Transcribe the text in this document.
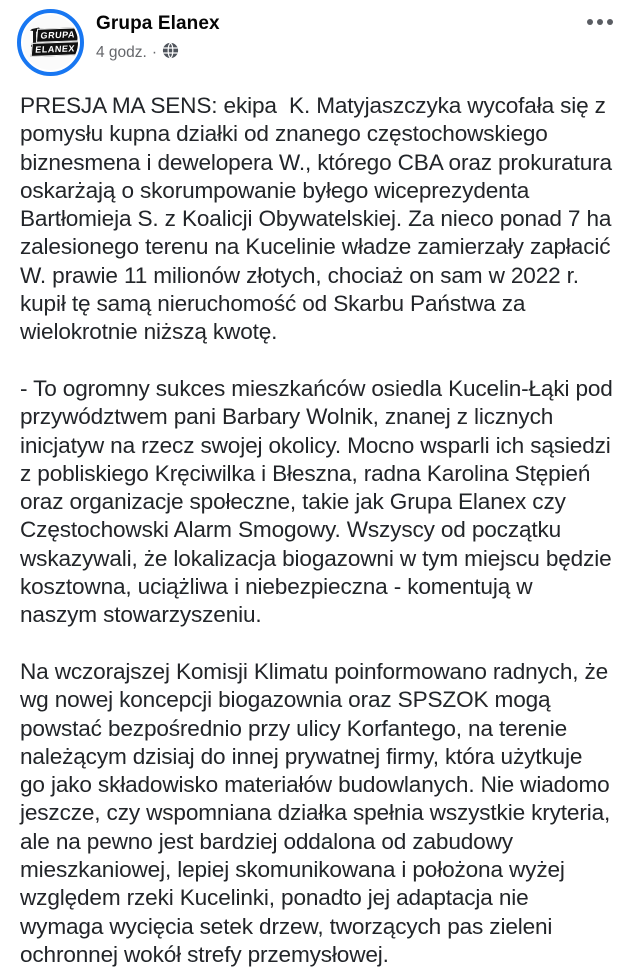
GRUPA
ELANEX
Grupa Elanex
4 godz. ·

PRESJA MA SENS: ekipa  K. Matyjaszczyka wycofała się z pomysłu kupna działki od znanego częstochowskiego biznesmena i dewelopera W., którego CBA oraz prokuratura oskarżają o skorumpowanie byłego wiceprezydenta Bartłomieja S. z Koalicji Obywatelskiej. Za nieco ponad 7 ha zalesionego terenu na Kucelinie władze zamierzały zapłacić W. prawie 11 milionów złotych, chociaż on sam w 2022 r. kupił tę samą nieruchomość od Skarbu Państwa za wielokrotnie niższą kwotę.

- To ogromny sukces mieszkańców osiedla Kucelin-Łąki pod przywództwem pani Barbary Wolnik, znanej z licznych inicjatyw na rzecz swojej okolicy. Mocno wsparli ich sąsiedzi z pobliskiego Kręciwilka i Błeszna, radna Karolina Stępień oraz organizacje społeczne, takie jak Grupa Elanex czy Częstochowski Alarm Smogowy. Wszyscy od początku wskazywali, że lokalizacja biogazowni w tym miejscu będzie kosztowna, uciążliwa i niebezpieczna - komentują w naszym stowarzyszeniu.

Na wczorajszej Komisji Klimatu poinformowano radnych, że wg nowej koncepcji biogazownia oraz SPSZOK mogą powstać bezpośrednio przy ulicy Korfantego, na terenie należącym dzisiaj do innej prywatnej firmy, która użytkuje go jako składowisko materiałów budowlanych. Nie wiadomo jeszcze, czy wspomniana działka spełnia wszystkie kryteria, ale na pewno jest bardziej oddalona od zabudowy mieszkaniowej, lepiej skomunikowana i położona wyżej względem rzeki Kucelinki, ponadto jej adaptacja nie wymaga wycięcia setek drzew, tworzących pas zieleni ochronnej wokół strefy przemysłowej.
